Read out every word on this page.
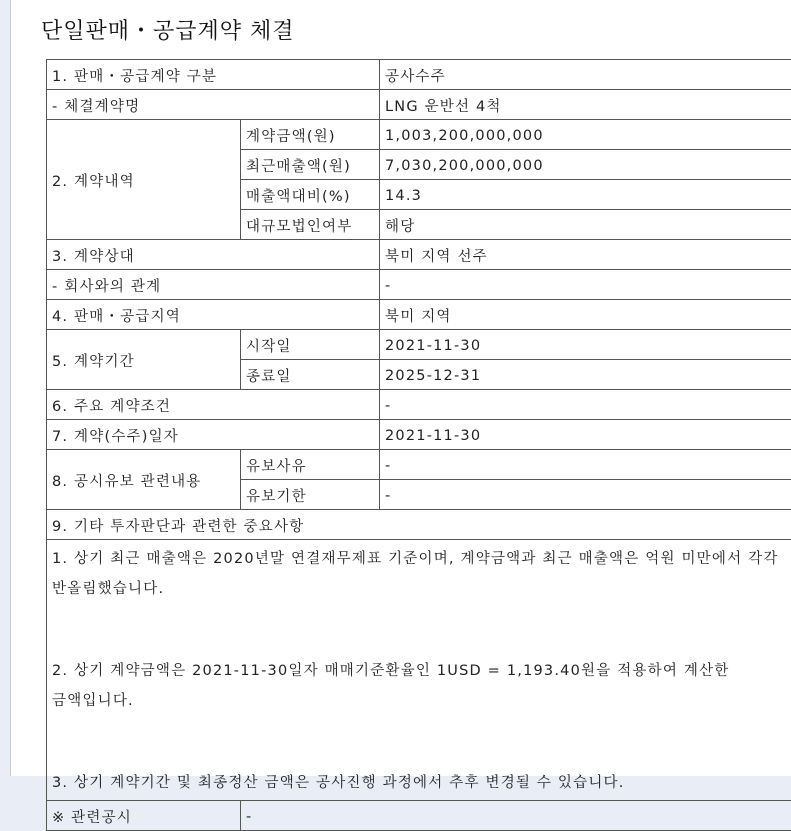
단일판매・공급계약 체결
1. 판매・공급계약 구분		공사수주
- 체결계약명		LNG 운반선 4척
2. 계약내역	계약금액(원)	1,003,200,000,000
	최근매출액(원)	7,030,200,000,000
	매출액대비(%)	14.3
	대규모법인여부	해당
3. 계약상대		북미 지역 선주
- 회사와의 관계		-
4. 판매・공급지역		북미 지역
5. 계약기간	시작일	2021-11-30
	종료일	2025-12-31
6. 주요 계약조건		-
7. 계약(수주)일자		2021-11-30
8. 공시유보 관련내용	유보사유	-
	유보기한	-
9. 기타 투자판단과 관련한 중요사항		

1. 상기 최근 매출액은 2020년말 연결재무제표 기준이며, 계약금액과 최근 매출액은 억원 미만에서 각각 반올림했습니다.

2. 상기 계약금액은 2021-11-30일자 매매기준환율인 1USD = 1,193.40원을 적용하여 계산한 금액입니다.

3. 상기 계약기간 및 최종정산 금액은 공사진행 과정에서 추후 변경될 수 있습니다.		

※ 관련공시	-	
